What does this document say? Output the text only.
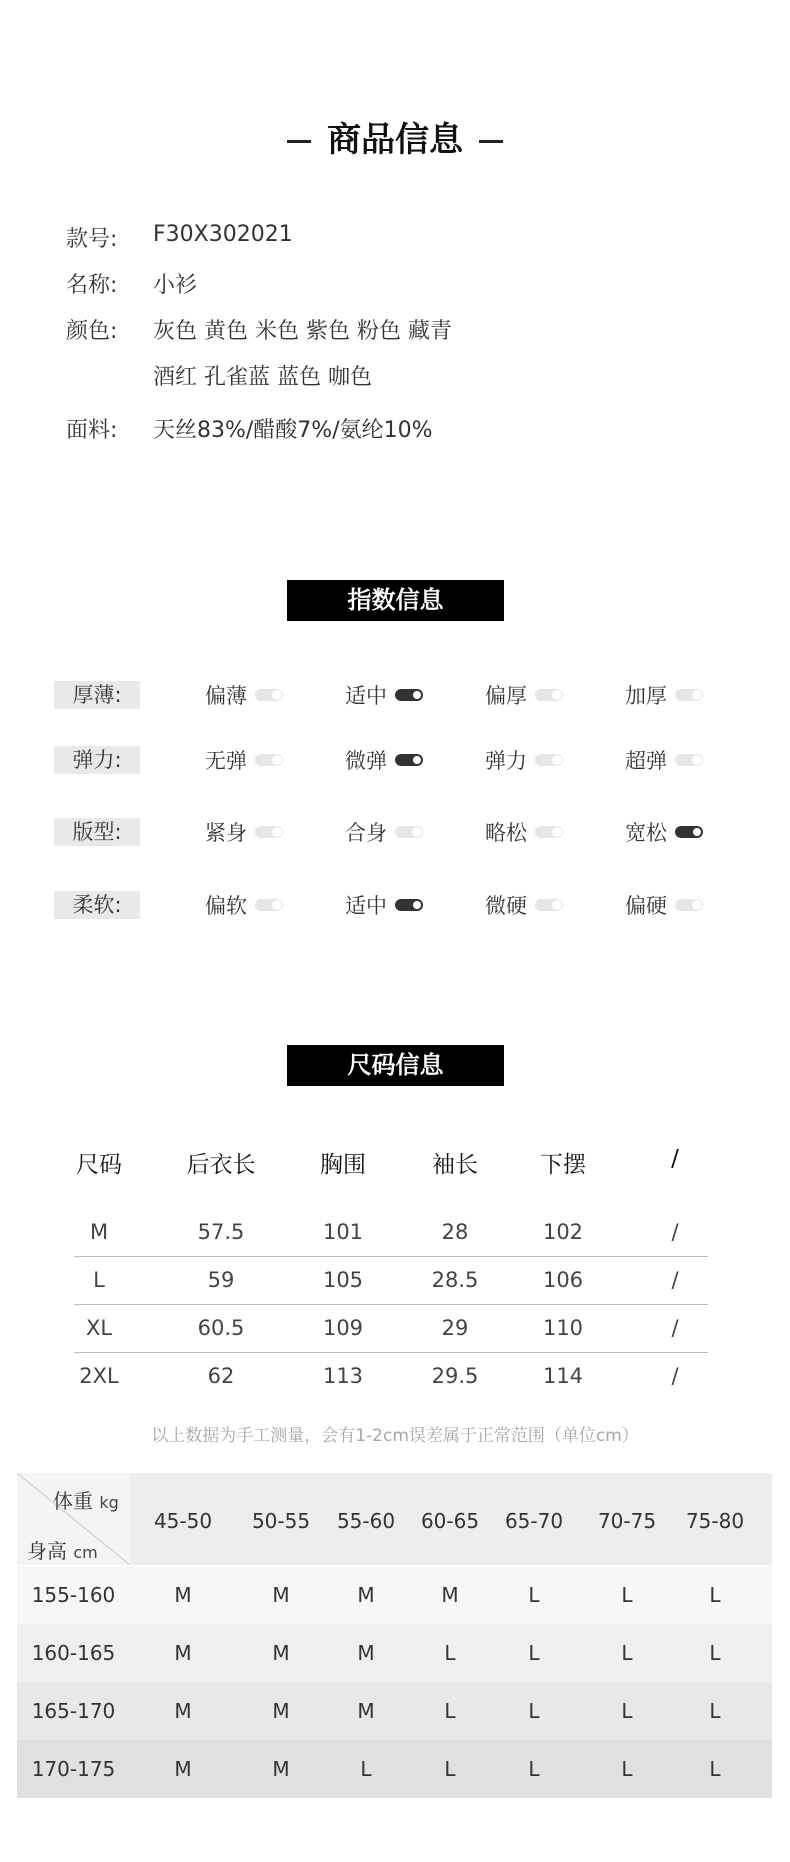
商品信息
款号: F30X302021
名称: 小衫
颜色: 灰色 黄色 米色 紫色 粉色 藏青
酒红 孔雀蓝 蓝色 咖色
面料: 天丝83%/醋酸7%/氨纶10%
指数信息
厚薄:	偏薄	适中	偏厚	加厚
弹力:	无弹	微弹	弹力	超弹
版型:	紧身	合身	略松	宽松
柔软:	偏软	适中	微硬	偏硬
尺码信息
尺码	后衣长	胸围	袖长	下摆	/
M	57.5	101	28	102	/
L	59	105	28.5	106	/
XL	60.5	109	29	110	/
2XL	62	113	29.5	114	/
以上数据为手工测量，会有1-2cm误差属于正常范围（单位cm）
体重 kg
身高 cm
45-50	50-55	55-60	60-65	65-70	70-75	75-80
155-160	M	M	M	M	L	L	L
160-165	M	M	M	L	L	L	L
165-170	M	M	M	L	L	L	L
170-175	M	M	L	L	L	L	L
